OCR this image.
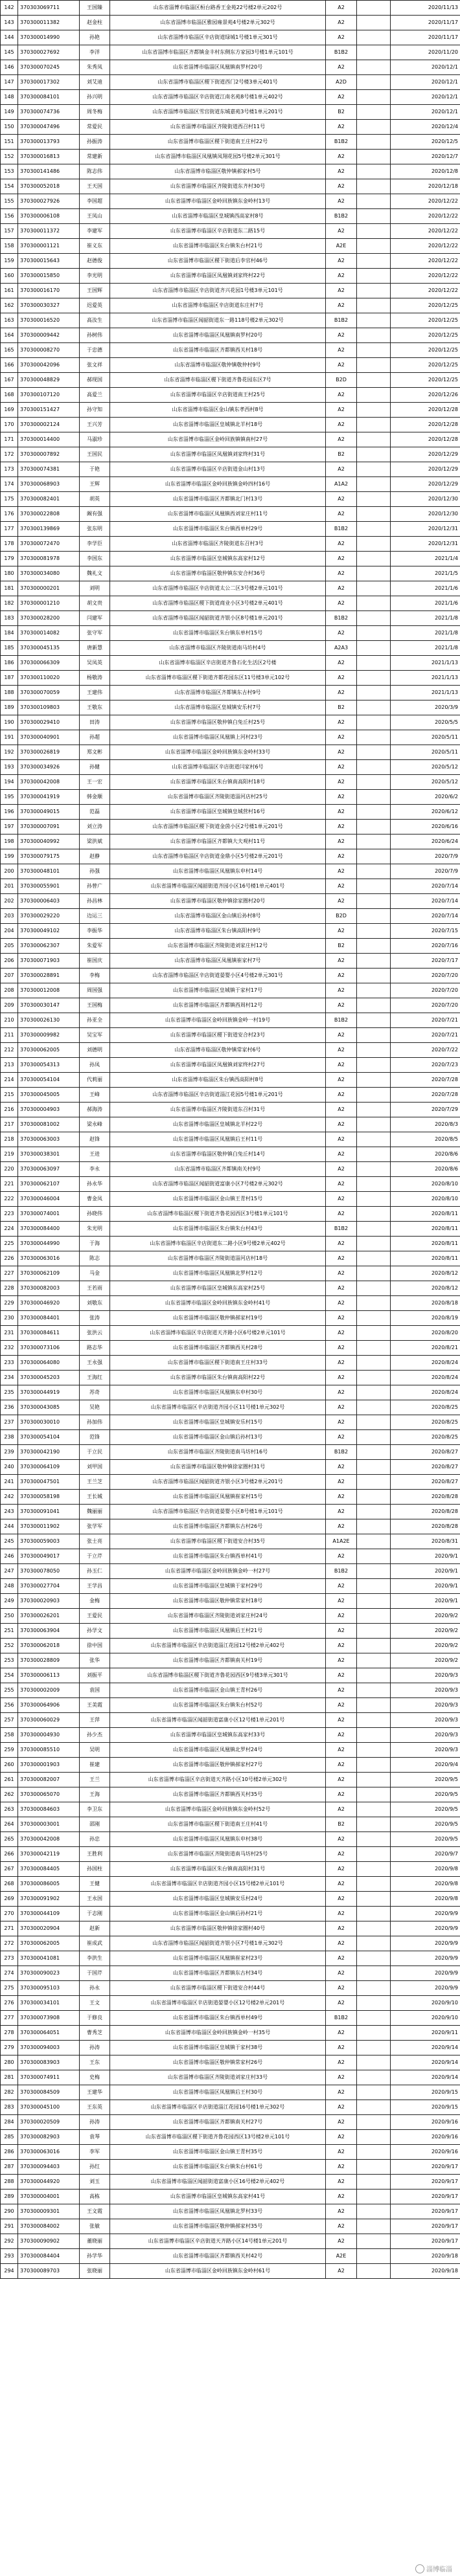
142	370303069711	王国臻	山东省淄博市临淄区桓台路香王金苑22号楼2单元202号	A2		2020/11/13
143	370300011382	赵金柱	山东省淄博市临淄区雅园雍景苑4号楼2单元302号	A2		2020/11/17
144	370300014990	孙艳	山东省淄博市临淄区辛店街道绿城1号楼1单元301号	A2		2020/11/17
145	370300027692	李洋	山东省淄博市临淄区齐都镇金丰村东侧东方家园3号楼1单元101号	B1B2		2020/11/20
146	370300070245	朱秀凤	山东省淄博市临淄区凤凰镇南罗村20号	A2		2020/12/1
147	370300017302	刘艾迪	山东省淄博市临淄区稷下街道西门2号楼3单元401号	A2D		2020/12/1
148	370300084101	孙兴明	山东省淄博市临淄区辛店街道江南名苑8号楼1单元402号	A2		2020/12/1
149	370300074736	周冬梅	山东省淄博市临淄区雪宫街道东城嘉苑3号楼1单元201号	B2		2020/12/1
150	370300047496	常爱民	山东省淄博市临淄区齐陵街道西召村11号	A2		2020/12/4
151	370300013793	孙振涛	山东省淄博市临淄区稷下街道南王庄村22号	B1B2		2020/12/5
152	370300016813	常建新	山东省淄博市临淄区凤凰镇凤翔花园5号楼2单元301号	A2		2020/12/7
153	370300141486	陈志伟	山东省淄博市临淄区敬仲镇郝家村5号	A2		2020/12/8
154	370300052018	王天国	山东省淄博市临淄区齐陵街道东齐村30号	A2		2020/12/18
155	370300027926	李国超	山东省淄博市临淄区金岭回族镇东金岭村13号	A2		2020/12/22
156	370300006108	王凤山	山东省淄博市临淄区皇城镇西高家村8号	B1B2		2020/12/22
157	370300011372	李建军	山东省淄博市临淄区辛店街道东二路15号	A2		2020/12/22
158	370300001121	崔义东	山东省淄博市临淄区朱台镇朱台村21号	A2E		2020/12/22
159	370300015643	赵德俊	山东省淄博市临淄区稷下街道后李官村46号	A2		2020/12/22
160	370300015850	李光明	山东省淄博市临淄区凤凰镇刘家终村22号	A2		2020/12/22
161	370300016170	王国辉	山东省淄博市临淄区辛店街道齐兴花园1号楼3单元101号	A2		2020/12/22
162	370300030327	迟爱英	山东省淄博市临淄区辛店街道东庄村7号	A2		2020/12/25
163	370300016520	高汝生	山东省淄博市临淄区闻韶街道东一路118号楼2单元302号	B1B2		2020/12/25
164	370300009442	孙树伟	山东省淄博市临淄区凤凰镇南罗村20号	A2		2020/12/25
165	370300008270	于忠德	山东省淄博市临淄区齐都镇西关村18号	A2		2020/12/25
166	370300042096	张文祥	山东省淄博市临淄区敬仲镇敬仲村9号	A2		2020/12/25
167	370300048829	郝现国	山东省淄博市临淄区稷下街道齐鲁花园东区7号	B2D		2020/12/25
168	370300107120	高爱兰	山东省淄博市临淄区辛店街道南王村25号	A2		2020/12/26
169	370300151427	孙守知	山东省淄博市临淄区金山镇东孝西村8号	A2		2020/12/28
170	370300002124	王兴芳	山东省淄博市临淄区皇城镇北羊村18号	A2		2020/12/28
171	370300014400	马淑珍	山东省淄博市临淄区金岭回族镇镇南村27号	A2		2020/12/28
172	370300007892	王国民	山东省淄博市临淄区凤凰镇刘家终村31号	B2		2020/12/29
173	370300074381	于艳	山东省淄博市临淄区辛店街道金山村13号	A2		2020/12/29
174	370300068903	王辉	山东省淄博市临淄区金岭回族镇金岭四村16号	A1A2		2020/12/29
175	370300082401	胡英	山东省淄博市临淄区齐都镇北门村13号	A2		2020/12/30
176	370300022808	阚有强	山东省淄博市临淄区凤凰镇西刘家庄村11号	A2		2020/12/30
177	370300139869	张东明	山东省淄博市临淄区朱台镇西单村29号	B1B2		2020/12/31
178	370300072470	李学臣	山东省淄博市临淄区齐陵街道东召村3号	A2		2020/12/31
179	370300081978	李国东	山东省淄博市临淄区皇城镇东高家村12号	A2		2021/1/4
180	370300034080	魏礼文	山东省淄博市临淄区敬仲镇东安合村36号	A2		2021/1/5
181	370300000201	刘明	山东省淄博市临淄区辛店街道太公二区3号楼2单元101号	A2		2021/1/6
182	370300001210	胡文贵	山东省淄博市临淄区稷下街道商业小区3号楼2单元401号	A2		2021/1/6
183	370300028200	闫建军	山东省淄博市临淄区闻韶街道齐银小区8号楼1单元201号	B1B2		2021/1/8
184	370300014082	张守军	山东省淄博市临淄区朱台镇东单村15号	A2		2021/1/8
185	370300045135	唐新慧	山东省淄博市临淄区齐陵街道南马坊村4号	A2A3		2021/1/8
186	370300066309	吴凤英	山东省淄博市临淄区辛店街道齐鲁石化生活区2号楼	A2		2021/1/13
187	370300110020	杨敬涛	山东省淄博市临淄区稷下街道齐都花园东区11号楼3单元102号	A2		2021/1/13
188	370300070059	王建伟	山东省淄博市临淄区齐都镇东古村9号	A2		2021/1/13
189	370300109803	王敬东	山东省淄博市临淄区皇城镇安乐村7号	B2		2020/3/9
190	370300029410	田涛	山东省淄博市临淄区敬仲镇白兔丘村25号	A2		2020/5/5
191	370300040901	孙超	山东省淄博市临淄区凤凰镇上河村23号	A2		2020/5/11
192	370300026819	郑文彬	山东省淄博市临淄区金岭回族镇东金岭村33号	A2		2020/5/11
193	370300034926	孙健	山东省淄博市临淄区辛店街道闫家村6号	A2		2020/5/12
194	370300042008	王一宏	山东省淄博市临淄区朱台镇南高阳村18号	A2		2020/5/12
195	370300041919	韩金顺	山东省淄博市临淄区齐陵街道淄河店村25号	A2		2020/6/2
196	370300049015	范磊	山东省淄博市临淄区皇城镇皇城营村16号	A2		2020/6/12
197	370300007091	刘立涛	山东省淄博市临淄区稷下街道金茵小区2号楼1单元201号	A2		2020/6/16
198	370300040992	梁洪斌	山东省淄博市临淄区齐都镇大夫观村11号	A2		2020/6/24
199	370300079175	赵静	山东省淄博市临淄区辛店街道金鼎小区5号楼2单元201号	A2		2020/7/9
200	370300048101	孙强	山东省淄博市临淄区凤凰镇东申村14号	A2		2020/7/9
201	370300055901	孙曾广	山东省淄博市临淄区闻韶街道齐园小区16号楼1单元401号	A2		2020/7/14
202	370300006403	孙昌林	山东省淄博市临淄区敬仲镇徐家圈村20号	A2		2020/7/14
203	370300029220	边运三	山东省淄博市临淄区金山镇后孙村8号	B2D		2020/7/14
204	370300049102	李振华	山东省淄博市临淄区朱台镇高阳村9号	A2		2020/7/15
205	370300062307	朱爱军	山东省淄博市临淄区齐陵街道刘家庄村12号	B2		2020/7/16
206	370300071903	崔国庆	山东省淄博市临淄区凤凰镇崔家村7号	A2		2020/7/17
207	370300028891	李梅	山东省淄博市临淄区辛店街道晏婴小区4号楼2单元301号	A2		2020/7/20
208	370300012008	周国强	山东省淄博市临淄区皇城镇于家村17号	A2		2020/7/20
209	370300030147	王国梅	山东省淄博市临淄区齐都镇西周村12号	A2		2020/7/20
210	370300026130	孙亚全	山东省淄博市临淄区金岭回族镇金岭一村19号	B1B2		2020/7/21
211	370300009982	吴宝军	山东省淄博市临淄区稷下街道安合村23号	A2		2020/7/21
212	370300062005	刘德明	山东省淄博市临淄区敬仲镇常家村6号	A2		2020/7/22
213	370300054313	孙凤	山东省淄博市临淄区凤凰镇刘家终村27号	A2		2020/7/23
214	370300054104	代莉丽	山东省淄博市临淄区朱台镇西高阳村8号	A2		2020/7/28
215	370300045005	王峰	山东省淄博市临淄区辛店街道淄江花园5号楼1单元201号	A2		2020/7/28
216	370300004903	郝海涛	山东省淄博市临淄区齐陵街道东召村31号	A2		2020/7/29
217	370300081002	梁永峰	山东省淄博市临淄区皇城镇北羊村22号	A2		2020/8/3
218	370300063003	赵锋	山东省淄博市临淄区凤凰镇后王村11号	A2		2020/8/5
219	370300038301	王进	山东省淄博市临淄区敬仲镇白兔丘村14号	A2		2020/8/6
220	370300063097	李永	山东省淄博市临淄区齐都镇南关村9号	A2		2020/8/6
221	370300062107	孙永华	山东省淄博市临淄区闻韶街道富康小区7号楼2单元302号	A2		2020/8/10
222	370300046004	曹金凤	山东省淄博市临淄区金山镇王青村15号	A2		2020/8/10
223	370300074001	孙晓伟	山东省淄博市临淄区稷下街道齐鲁花园西区3号楼1单元101号	A2		2020/8/11
224	370300084400	朱光明	山东省淄博市临淄区朱台镇朱台村43号	B1B2		2020/8/11
225	370300044990	于海	山东省淄博市临淄区辛店街道东二路小区9号楼2单元402号	A2		2020/8/11
226	370300063016	陈志	山东省淄博市临淄区齐陵街道淄河店村18号	A2		2020/8/11
227	370300062109	马金	山东省淄博市临淄区凤凰镇北罗村12号	A2		2020/8/12
228	370300082003	王若雨	山东省淄博市临淄区皇城镇东高家村25号	A2		2020/8/12
229	370300046920	刘敬东	山东省淄博市临淄区金岭回族镇东金岭村41号	A2		2020/8/18
230	370300084401	张涛	山东省淄博市临淄区敬仲镇郝家村19号	A2		2020/8/19
231	370300084611	张洪云	山东省淄博市临淄区辛店街道天齐路小区6号楼2单元101号	A2		2020/8/20
232	370300073106	路志华	山东省淄博市临淄区齐都镇西关村28号	A2		2020/8/21
233	370300064080	王永强	山东省淄博市临淄区稷下街道南王庄村33号	A2		2020/8/24
234	370300045203	王海红	山东省淄博市临淄区朱台镇南高阳村22号	A2		2020/8/24
235	370300044919	苏奇	山东省淄博市临淄区凤凰镇东申村30号	A2		2020/8/24
236	370300043085	吴艳	山东省淄博市临淄区辛店街道齐园小区11号楼1单元302号	A2		2020/8/25
237	370300030010	孙加伟	山东省淄博市临淄区皇城镇安乐村15号	A2		2020/8/25
238	370300054104	范锋	山东省淄博市临淄区金山镇后孙村13号	A2		2020/8/25
239	370300042190	于立民	山东省淄博市临淄区齐陵街道南马坊村16号	B1B2		2020/8/27
240	370300064109	刘甲国	山东省淄博市临淄区敬仲镇徐家圈村31号	A2		2020/8/27
241	370300047501	王兰芝	山东省淄博市临淄区闻韶街道齐银小区3号楼2单元201号	A2		2020/8/27
242	370300058198	王长城	山东省淄博市临淄区凤凰镇崔家村15号	A2		2020/8/28
243	370300091041	魏丽丽	山东省淄博市临淄区辛店街道晏婴小区8号楼1单元101号	A2		2020/8/28
244	370300011902	张学军	山东省淄博市临淄区齐都镇东古村26号	A2		2020/8/28
245	370300059003	张士亮	山东省淄博市临淄区稷下街道安合村35号	A1A2E		2020/8/31
246	370300049017	于立芹	山东省淄博市临淄区朱台镇西单村41号	A2		2020/9/1
247	370300078050	孙玉仁	山东省淄博市临淄区金岭回族镇金岭一村27号	B1B2		2020/9/1
248	370300027704	王学昌	山东省淄博市临淄区皇城镇于家村29号	A2		2020/9/1
249	370300020903	金梅	山东省淄博市临淄区敬仲镇常家村18号	A2		2020/9/1
250	370300026201	王爱民	山东省淄博市临淄区齐陵街道刘家庄村24号	A2		2020/9/2
251	370300063904	孙学文	山东省淄博市临淄区凤凰镇后王村21号	A2		2020/9/2
252	370300062018	徐中国	山东省淄博市临淄区辛店街道淄江花园12号楼2单元402号	A2		2020/9/2
253	370300028809	张华	山东省淄博市临淄区齐都镇南关村19号	A2		2020/9/2
254	370300006113	刘振平	山东省淄博市临淄区稷下街道齐鲁花园西区9号楼3单元301号	A2		2020/9/3
255	370300002009	袁国	山东省淄博市临淄区金山镇王青村26号	A2		2020/9/3
256	370300064906	王美霞	山东省淄博市临淄区朱台镇朱台村52号	A2		2020/9/3
257	370300060029	王萍	山东省淄博市临淄区闻韶街道富康小区12号楼1单元201号	A2		2020/9/3
258	370300004930	孙少杰	山东省淄博市临淄区皇城镇东高家村33号	A2		2020/9/3
259	370300085510	吴明	山东省淄博市临淄区凤凰镇北罗村24号	A2		2020/9/3
260	370300001903	崔建	山东省淄博市临淄区敬仲镇郝家村27号	A2		2020/9/4
261	370300082007	王兰	山东省淄博市临淄区辛店街道天齐路小区10号楼2单元302号	A2		2020/9/5
262	370300065070	王海	山东省淄博市临淄区齐都镇西关村35号	A2		2020/9/5
263	370300084603	李卫东	山东省淄博市临淄区金岭回族镇东金岭村52号	A2		2020/9/5
264	370300003001	邵刚	山东省淄博市临淄区稷下街道南王庄村41号	B2		2020/9/5
265	370300042008	孙忠	山东省淄博市临淄区凤凰镇东申村38号	A2		2020/9/5
266	370300042119	王胜利	山东省淄博市临淄区齐陵街道南马坊村25号	A2		2020/9/7
267	370300084405	孙国柱	山东省淄博市临淄区朱台镇南高阳村31号	A2		2020/9/8
268	370300086005	王健	山东省淄博市临淄区辛店街道齐园小区15号楼2单元101号	A2		2020/9/8
269	370300091902	王永国	山东省淄博市临淄区皇城镇安乐村24号	A2		2020/9/8
270	370300044109	于志刚	山东省淄博市临淄区金山镇后孙村21号	A2		2020/9/9
271	370300020904	赵新	山东省淄博市临淄区敬仲镇徐家圈村40号	A2		2020/9/9
272	370300062005	崔成武	山东省淄博市临淄区闻韶街道齐银小区7号楼1单元302号	A2		2020/9/9
273	370300041081	李洪生	山东省淄博市临淄区凤凰镇崔家村23号	A2		2020/9/9
274	370300090023	于国芹	山东省淄博市临淄区齐都镇东古村34号	A2		2020/9/9
275	370300095103	孙永	山东省淄博市临淄区稷下街道安合村44号	A2		2020/9/9
276	370300034101	王文	山东省淄博市临淄区辛店街道晏婴小区12号楼2单元201号	A2		2020/9/10
277	370300073908	于修良	山东省淄博市临淄区朱台镇西单村49号	B1B2		2020/9/10
278	370300064051	曹秀芝	山东省淄博市临淄区金岭回族镇金岭一村35号	A2		2020/9/11
279	370300094003	孙涛	山东省淄博市临淄区皇城镇于家村38号	A2		2020/9/14
280	370300083903	王东	山东省淄博市临淄区敬仲镇常家村26号	A2		2020/9/14
281	370300074911	史梅	山东省淄博市临淄区齐陵街道刘家庄村33号	A2		2020/9/14
282	370300084509	王建华	山东省淄博市临淄区凤凰镇后王村30号	A2		2020/9/15
283	370300045100	王东英	山东省淄博市临淄区辛店街道淄江花园16号楼1单元302号	A2		2020/9/15
284	370300020509	孙涛	山东省淄博市临淄区齐都镇南关村27号	A2		2020/9/16
285	370300082903	袁琴	山东省淄博市临淄区稷下街道齐鲁花园西区13号楼2单元101号	A2		2020/9/16
286	370300063016	李军	山东省淄博市临淄区金山镇王青村35号	A2		2020/9/16
287	370300094403	孙红	山东省淄博市临淄区朱台镇朱台村61号	A2		2020/9/17
288	370300044920	刘玉	山东省淄博市临淄区闻韶街道富康小区16号楼2单元402号	A2		2020/9/17
289	370300004001	高栋	山东省淄博市临淄区皇城镇东高家村41号	A2		2020/9/17
290	370300009301	王文霞	山东省淄博市临淄区凤凰镇北罗村33号	A2		2020/9/17
291	370300084002	张敏	山东省淄博市临淄区敬仲镇郝家村35号	A2		2020/9/17
292	370300090902	董晓丽	山东省淄博市临淄区辛店街道天齐路小区14号楼1单元201号	A2		2020/9/17
293	370300084404	孙学华	山东省淄博市临淄区齐都镇西关村42号	A2E		2020/9/18
294	370300089703	张晓丽	山东省淄博市临淄区金岭回族镇东金岭村61号	A2		2020/9/18
淄博临淄
